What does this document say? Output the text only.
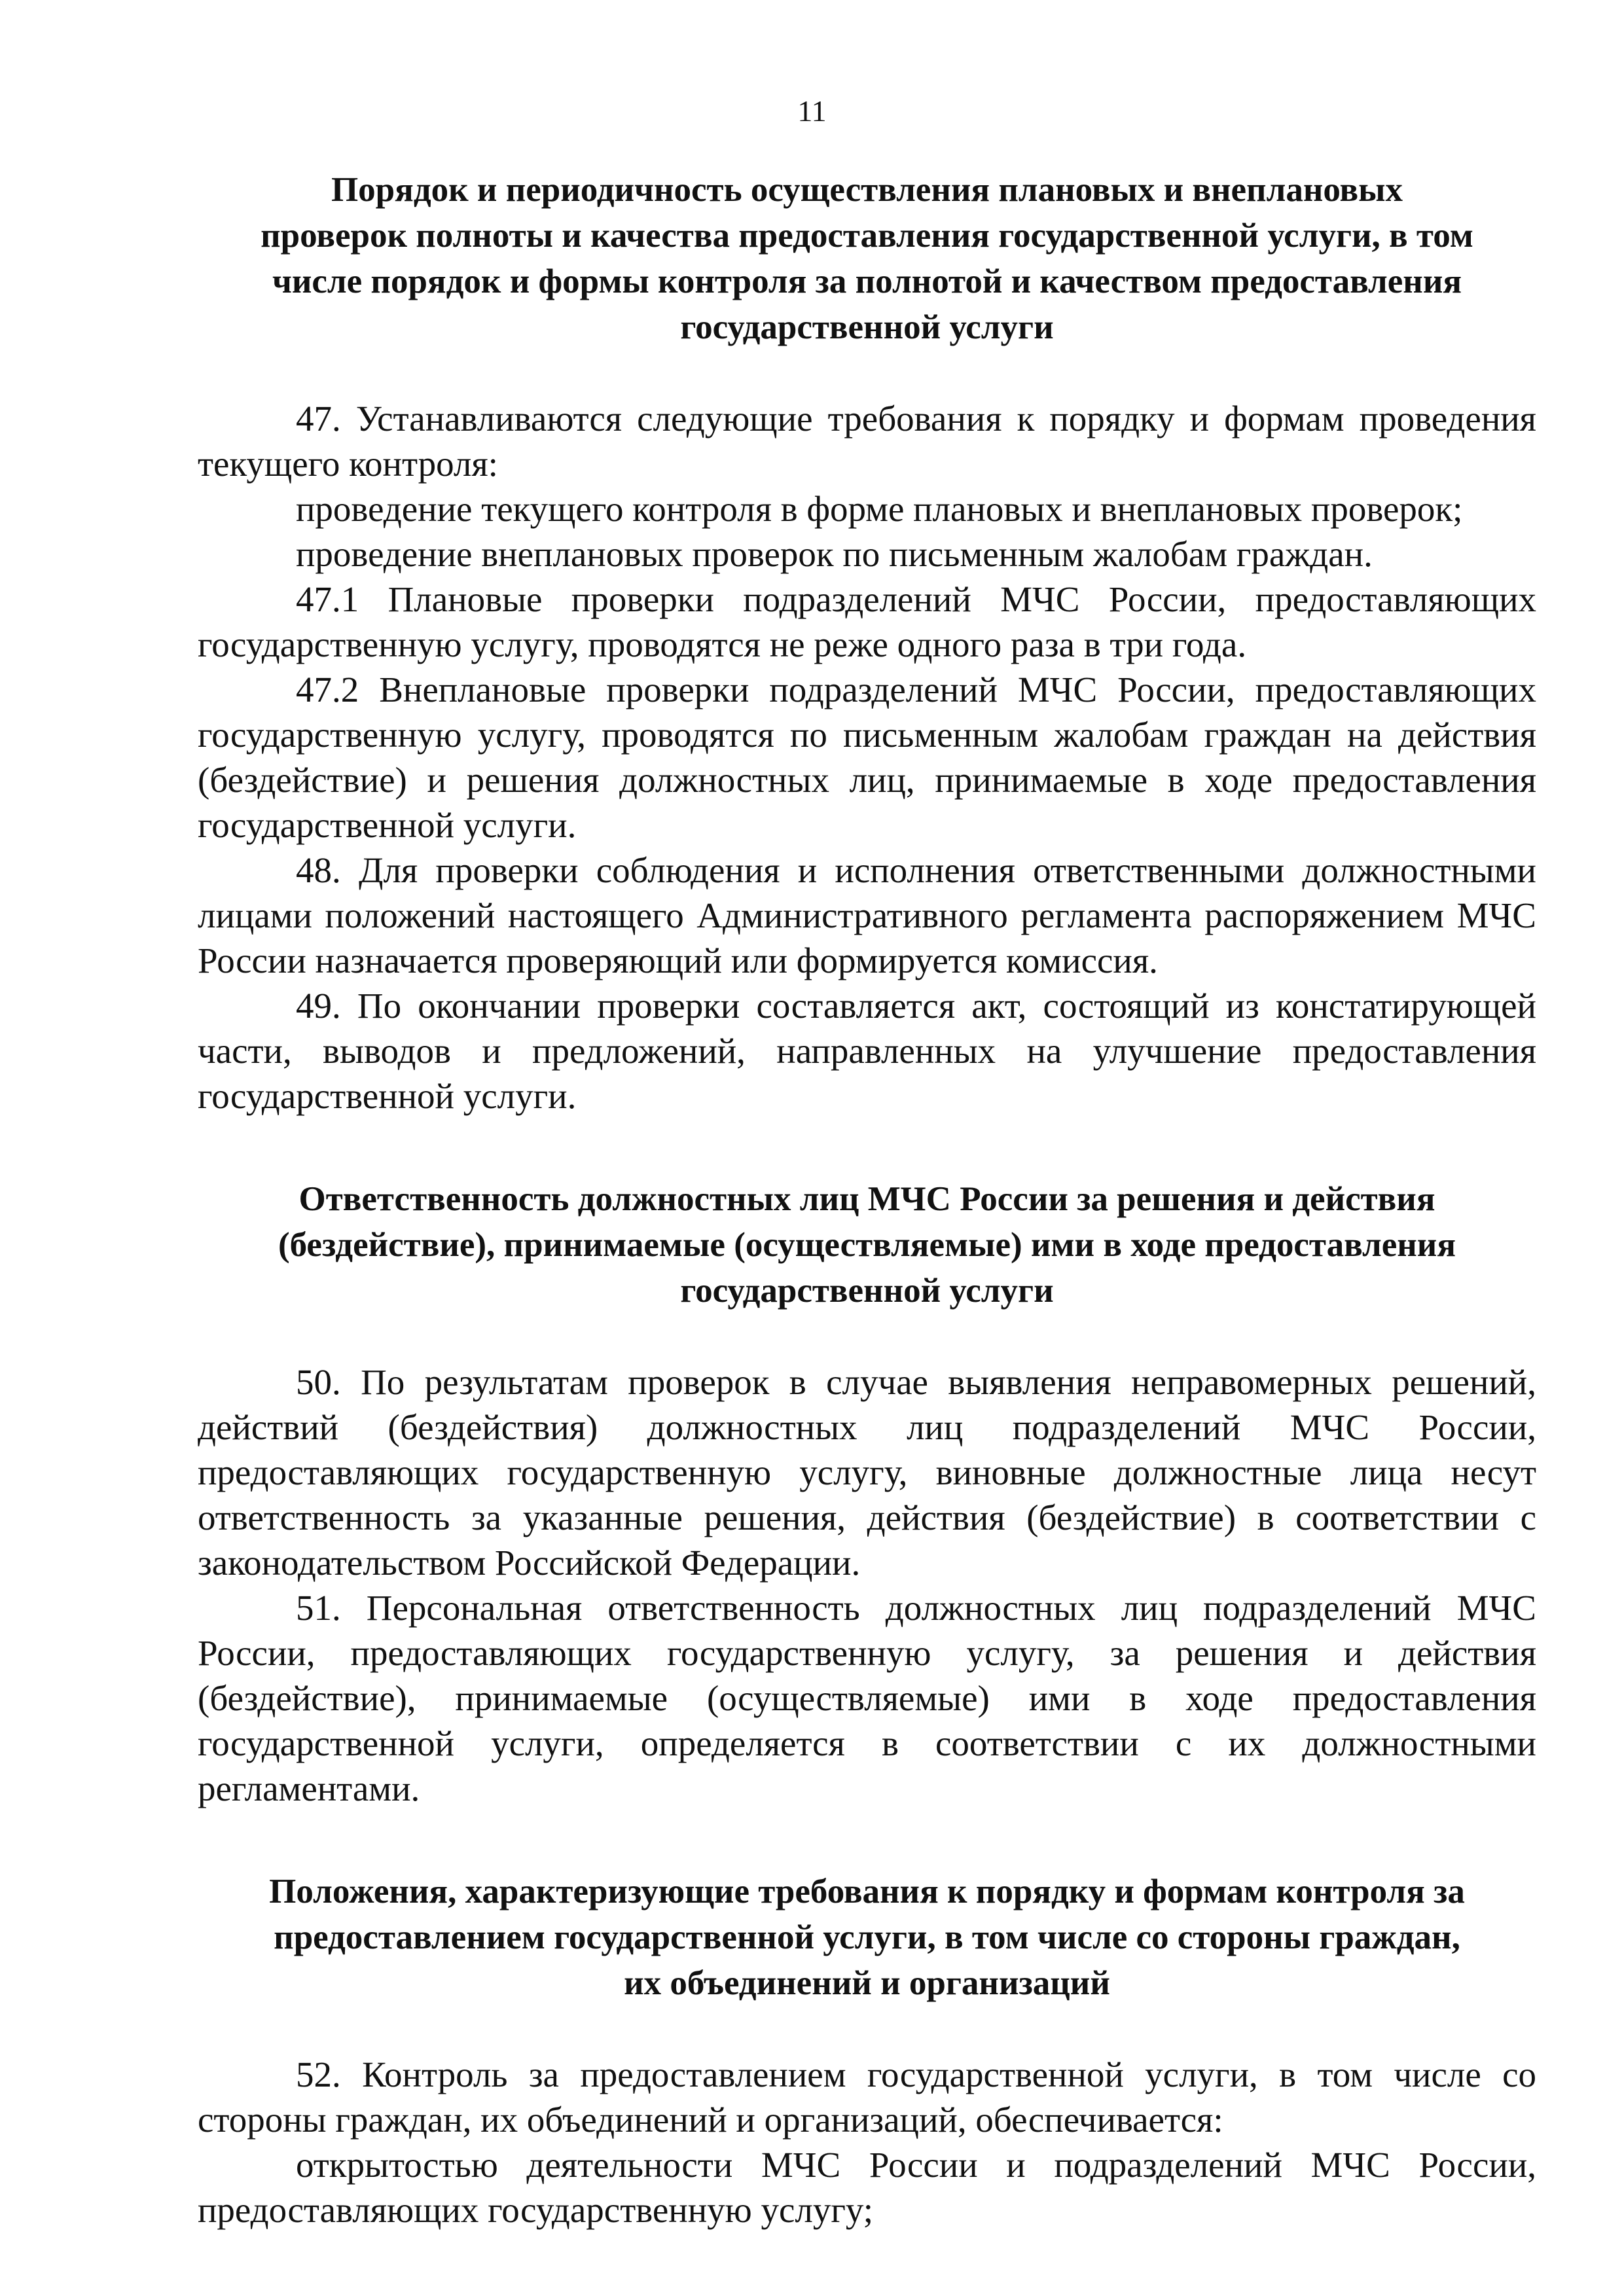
11
Порядок и периодичность осуществления плановых и внеплановых
проверок полноты и качества предоставления государственной услуги, в том
числе порядок и формы контроля за полнотой и качеством предоставления
государственной услуги

47. Устанавливаются следующие требования к порядку и формам проведения текущего контроля:

проведение текущего контроля в форме плановых и внеплановых проверок;

проведение внеплановых проверок по письменным жалобам граждан.

47.1 Плановые проверки подразделений МЧС России, предоставляющих государственную услугу, проводятся не реже одного раза в три года.

47.2 Внеплановые проверки подразделений МЧС России, предоставляющих государственную услугу, проводятся по письменным жалобам граждан на действия (бездействие) и решения должностных лиц, принимаемые в ходе предоставления государственной услуги.

48. Для проверки соблюдения и исполнения ответственными должностными лицами положений настоящего Административного регламента распоряжением МЧС России назначается проверяющий или формируется комиссия.

49. По окончании проверки составляется акт, состоящий из констатирующей части, выводов и предложений, направленных на улучшение предоставления государственной услуги.

Ответственность должностных лиц МЧС России за решения и действия
(бездействие), принимаемые (осуществляемые) ими в ходе предоставления
государственной услуги

50. По результатам проверок в случае выявления неправомерных решений, действий (бездействия) должностных лиц подразделений МЧС России, предоставляющих государственную услугу, виновные должностные лица несут ответственность за указанные решения, действия (бездействие) в соответствии с законодательством Российской Федерации.

51. Персональная ответственность должностных лиц подразделений МЧС России, предоставляющих государственную услугу, за решения и действия (бездействие), принимаемые (осуществляемые) ими в ходе предоставления государственной услуги, определяется в соответствии с их должностными регламентами.

Положения, характеризующие требования к порядку и формам контроля за
предоставлением государственной услуги, в том числе со стороны граждан,
их объединений и организаций

52. Контроль за предоставлением государственной услуги, в том числе со стороны граждан, их объединений и организаций, обеспечивается:

открытостью деятельности МЧС России и подразделений МЧС России, предоставляющих государственную услугу;
